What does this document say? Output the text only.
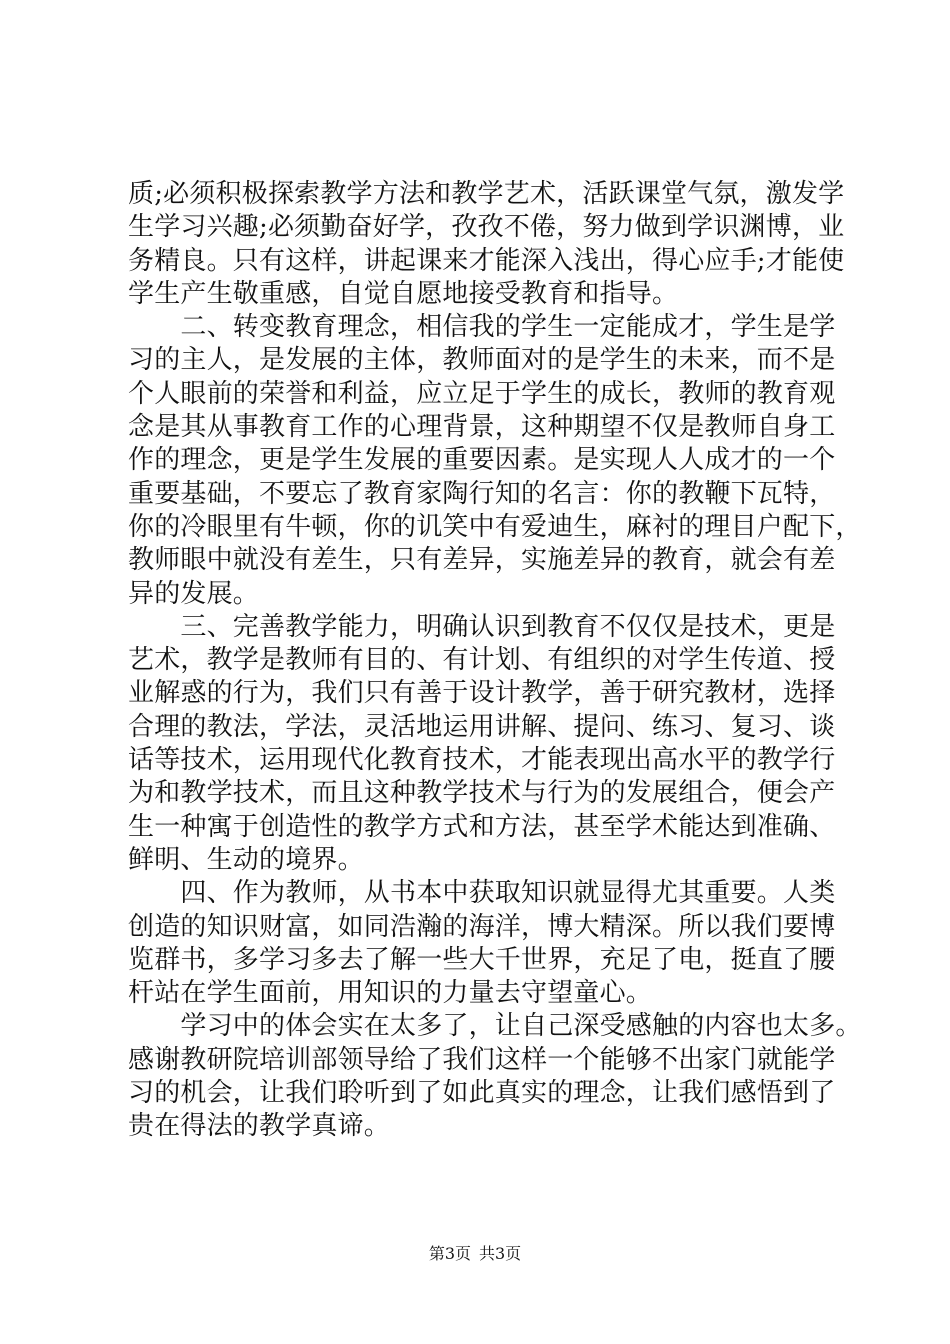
质;必须积极探索教学方法和教学艺术，活跃课堂气氛，激发学
生学习兴趣;必须勤奋好学，孜孜不倦，努力做到学识渊博，业
务精良。只有这样，讲起课来才能深入浅出，得心应手;才能使
学生产生敬重感，自觉自愿地接受教育和指导。
　　二、转变教育理念，相信我的学生一定能成才，学生是学
习的主人，是发展的主体，教师面对的是学生的未来，而不是
个人眼前的荣誉和利益，应立足于学生的成长，教师的教育观
念是其从事教育工作的心理背景，这种期望不仅是教师自身工
作的理念，更是学生发展的重要因素。是实现人人成才的一个
重要基础，不要忘了教育家陶行知的名言：你的教鞭下瓦特，
你的冷眼里有牛顿，你的讥笑中有爱迪生，麻衬的理目户配下，
教师眼中就没有差生，只有差异，实施差异的教育，就会有差
异的发展。
　　三、完善教学能力，明确认识到教育不仅仅是技术，更是
艺术，教学是教师有目的、有计划、有组织的对学生传道、授
业解惑的行为，我们只有善于设计教学，善于研究教材，选择
合理的教法，学法，灵活地运用讲解、提问、练习、复习、谈
话等技术，运用现代化教育技术，才能表现出高水平的教学行
为和教学技术，而且这种教学技术与行为的发展组合，便会产
生一种寓于创造性的教学方式和方法，甚至学术能达到准确、
鲜明、生动的境界。
　　四、作为教师，从书本中获取知识就显得尤其重要。人类
创造的知识财富，如同浩瀚的海洋，博大精深。所以我们要博
览群书，多学习多去了解一些大千世界，充足了电，挺直了腰
杆站在学生面前，用知识的力量去守望童心。
　　学习中的体会实在太多了，让自己深受感触的内容也太多。
感谢教研院培训部领导给了我们这样一个能够不出家门就能学
习的机会，让我们聆听到了如此真实的理念，让我们感悟到了
贵在得法的教学真谛。
第3页 共3页
